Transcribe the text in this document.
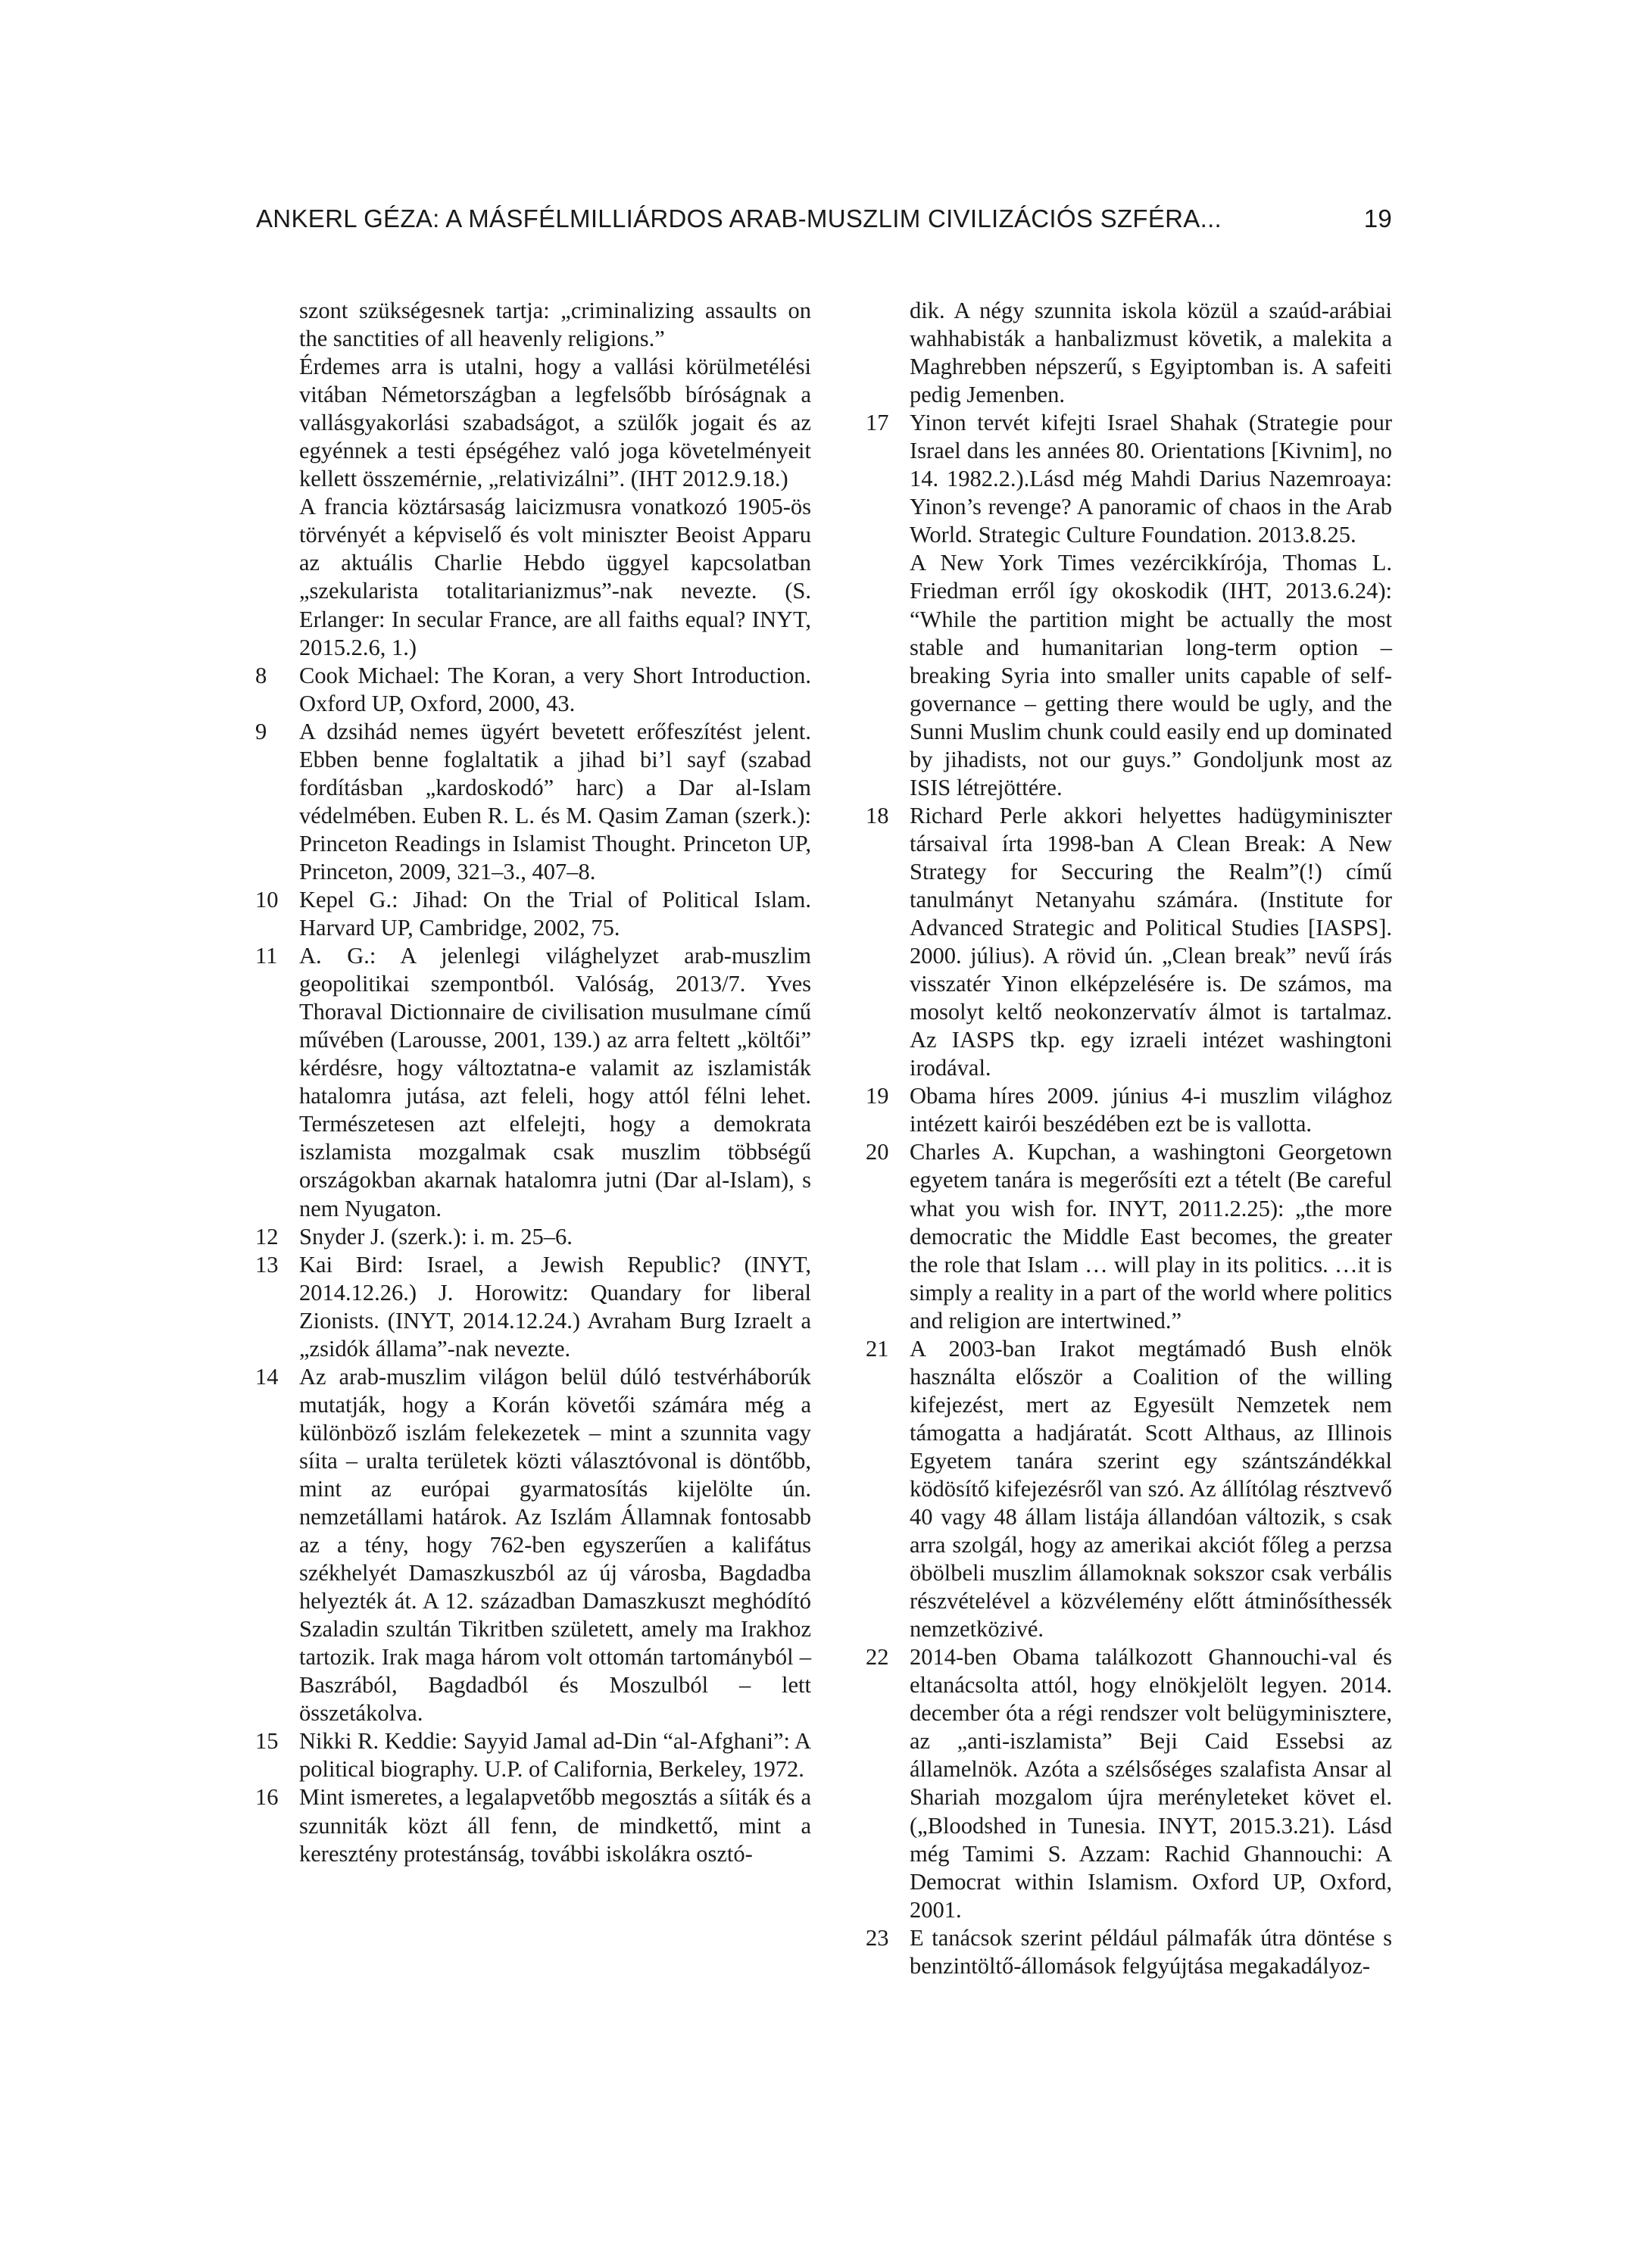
ANKERL GÉZA: A MÁSFÉLMILLIÁRDOS ARAB-MUSZLIM CIVILIZÁCIÓS SZFÉRA...	19

szont szükségesnek tartja: „criminalizing assaults on the sanctities of all heavenly religions.”

Érdemes arra is utalni, hogy a vallási körülmetélési vitában Németországban a legfelsőbb bíróságnak a vallásgyakorlási szabadságot, a szülők jogait és az egyénnek a testi épségéhez való joga követelményeit kellett összemérnie, „relativizálni”. (IHT 2012.9.18.)

A francia köztársaság laicizmusra vonatkozó 1905-ös törvényét a képviselő és volt miniszter Beoist Apparu az aktuális Charlie Hebdo üggyel kapcsolatban „szekularista totalitarianizmus”-nak nevezte. (S. Erlanger: In secular France, are all faiths equal? INYT, 2015.2.6, 1.)

8 Cook Michael: The Koran, a very Short Introduction. Oxford UP, Oxford, 2000, 43.

9 A dzsihád nemes ügyért bevetett erőfeszítést jelent. Ebben benne foglaltatik a jihad bi’l sayf (szabad fordításban „kardoskodó” harc) a Dar al-Islam védelmében. Euben R. L. és M. Qasim Zaman (szerk.): Princeton Readings in Islamist Thought. Princeton UP, Princeton, 2009, 321–3., 407–8.

10 Kepel G.: Jihad: On the Trial of Political Islam. Harvard UP, Cambridge, 2002, 75.

11 A. G.: A jelenlegi világhelyzet arab-muszlim geopolitikai szempontból. Valóság, 2013/7. Yves Thoraval Dictionnaire de civilisation musulmane című művében (Larousse, 2001, 139.) az arra feltett „költői” kérdésre, hogy változtatna-e valamit az iszlamisták hatalomra jutása, azt feleli, hogy attól félni lehet. Természetesen azt elfelejti, hogy a demokrata iszlamista mozgalmak csak muszlim többségű országokban akarnak hatalomra jutni (Dar al-Islam), s nem Nyugaton.

12 Snyder J. (szerk.): i. m. 25–6.

13 Kai Bird: Israel, a Jewish Republic? (INYT, 2014.12.26.) J. Horowitz: Quandary for liberal Zionists. (INYT, 2014.12.24.) Avraham Burg Izraelt a „zsidók állama”-nak nevezte.

14 Az arab-muszlim világon belül dúló testvérháborúk mutatják, hogy a Korán követői számára még a különböző iszlám felekezetek – mint a szunnita vagy síita – uralta területek közti választóvonal is döntőbb, mint az európai gyarmatosítás kijelölte ún. nemzetállami határok. Az Iszlám Államnak fontosabb az a tény, hogy 762-ben egyszerűen a kalifátus székhelyét Damaszkuszból az új városba, Bagdadba helyezték át. A 12. században Damaszkuszt meghódító Szaladin szultán Tikritben született, amely ma Irakhoz tartozik. Irak maga három volt ottomán tartományból – Baszrából, Bagdadból és Moszulból – lett összetákolva.

15 Nikki R. Keddie: Sayyid Jamal ad-Din “al-Afghani”: A political biography. U.P. of California, Berkeley, 1972.

16 Mint ismeretes, a legalapvetőbb megosztás a síiták és a szunniták közt áll fenn, de mindkettő, mint a keresztény protestánság, további iskolákra osztó-

dik. A négy szunnita iskola közül a szaúd-arábiai wahhabisták a hanbalizmust követik, a malekita a Maghrebben népszerű, s Egyiptomban is. A safeiti pedig Jemenben.

17 Yinon tervét kifejti Israel Shahak (Strategie pour Israel dans les années 80. Orientations [Kivnim], no 14. 1982.2.).Lásd még Mahdi Darius Nazemroaya: Yinon’s revenge? A panoramic of chaos in the Arab World. Strategic Culture Foundation. 2013.8.25.

A New York Times vezércikkírója, Thomas L. Friedman erről így okoskodik (IHT, 2013.6.24): “While the partition might be actually the most stable and humanitarian long-term option – breaking Syria into smaller units capable of self-governance – getting there would be ugly, and the Sunni Muslim chunk could easily end up dominated by jihadists, not our guys.” Gondoljunk most az ISIS létrejöttére.

18 Richard Perle akkori helyettes hadügyminiszter társaival írta 1998-ban A Clean Break: A New Strategy for Seccuring the Realm”(!) című tanulmányt Netanyahu számára. (Institute for Advanced Strategic and Political Studies [IASPS]. 2000. július). A rövid ún. „Clean break” nevű írás visszatér Yinon elképzelésére is. De számos, ma mosolyt keltő neokonzervatív álmot is tartalmaz. Az IASPS tkp. egy izraeli intézet washingtoni irodával.

19 Obama híres 2009. június 4-i muszlim világhoz intézett kairói beszédében ezt be is vallotta.

20 Charles A. Kupchan, a washingtoni Georgetown egyetem tanára is megerősíti ezt a tételt (Be careful what you wish for. INYT, 2011.2.25): „the more democratic the Middle East becomes, the greater the role that Islam … will play in its politics. …it is simply a reality in a part of the world where politics and religion are intertwined.”

21 A 2003-ban Irakot megtámadó Bush elnök használta először a Coalition of the willing kifejezést, mert az Egyesült Nemzetek nem támogatta a hadjáratát. Scott Althaus, az Illinois Egyetem tanára szerint egy szántszándékkal ködösítő kifejezésről van szó. Az állítólag résztvevő 40 vagy 48 állam listája állandóan változik, s csak arra szolgál, hogy az amerikai akciót főleg a perzsa öbölbeli muszlim államoknak sokszor csak verbális részvételével a közvélemény előtt átminősíthessék nemzetközivé.

22 2014-ben Obama találkozott Ghannouchi-val és eltanácsolta attól, hogy elnökjelölt legyen. 2014. december óta a régi rendszer volt belügyminisztere, az „anti-iszlamista” Beji Caid Essebsi az államelnök. Azóta a szélsőséges szalafista Ansar al Shariah mozgalom újra merényleteket követ el. („Bloodshed in Tunesia. INYT, 2015.3.21). Lásd még Tamimi S. Azzam: Rachid Ghannouchi: A Democrat within Islamism. Oxford UP, Oxford, 2001.

23 E tanácsok szerint például pálmafák útra döntése s benzintöltő-állomások felgyújtása megakadályoz-
